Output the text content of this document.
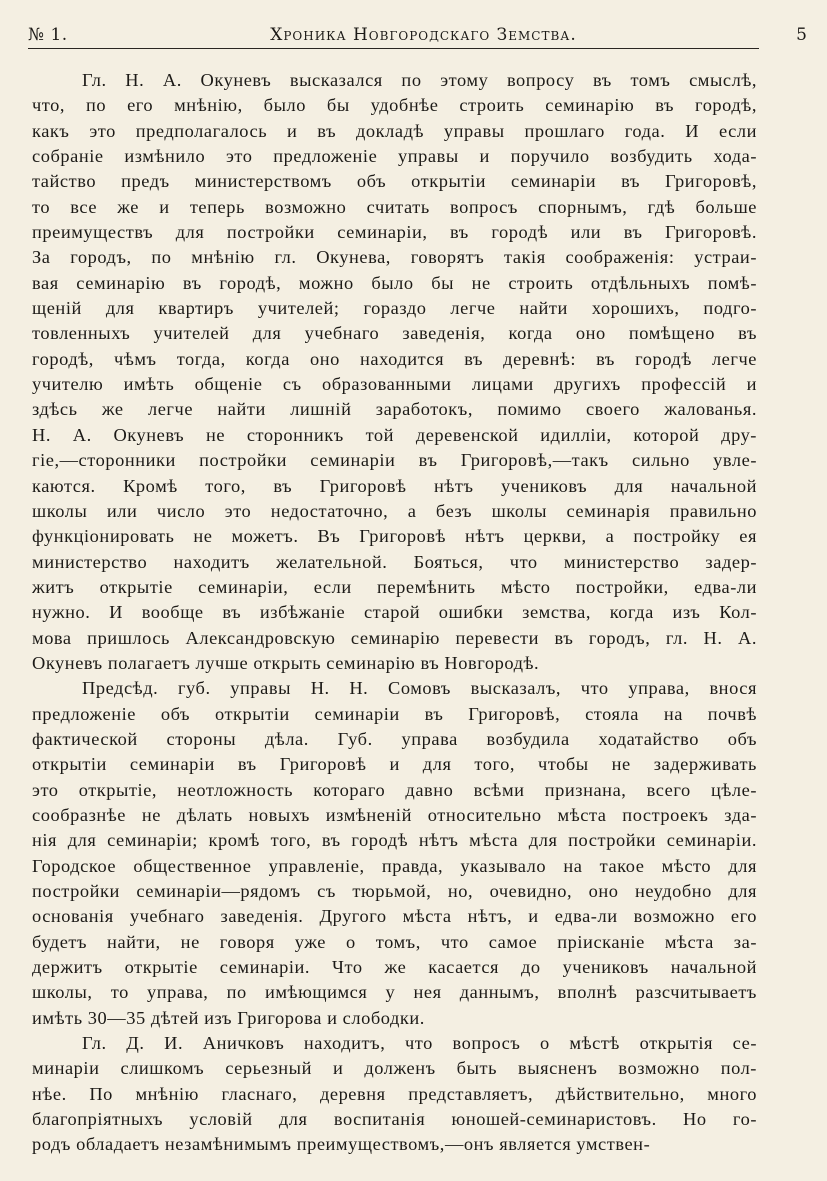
№ 1.	Хроника Новгородскаго Земства.	5
Гл. Н. А. Окуневъ высказался по этому вопросу въ томъ смыслѣ,
что, по его мнѣнію, было бы удобнѣе строить семинарію въ городѣ,
какъ это предполагалось и въ докладѣ управы прошлаго года. И если
собраніе измѣнило это предложеніе управы и поручило возбудить хода-
тайство предъ министерствомъ объ открытіи семинаріи въ Григоровѣ,
то все же и теперь возможно считать вопросъ спорнымъ, гдѣ больше
преимуществъ для постройки семинаріи, въ городѣ или въ Григоровѣ.
За городъ, по мнѣнію гл. Окунева, говорятъ такія соображенія: устраи-
вая семинарію въ городѣ, можно было бы не строить отдѣльныхъ помѣ-
щеній для квартиръ учителей; гораздо легче найти хорошихъ, подго-
товленныхъ учителей для учебнаго заведенія, когда оно помѣщено въ
городѣ, чѣмъ тогда, когда оно находится въ деревнѣ: въ городѣ легче
учителю имѣть общеніе съ образованными лицами другихъ профессій и
здѣсь же легче найти лишній заработокъ, помимо своего жалованья.
Н. А. Окуневъ не сторонникъ той деревенской идилліи, которой дру-
гіе,—сторонники постройки семинаріи въ Григоровѣ,—такъ сильно увле-
каются. Кромѣ того, въ Григоровѣ нѣтъ учениковъ для начальной
школы или число это недостаточно, а безъ школы семинарія правильно
функціонировать не можетъ. Въ Григоровѣ нѣтъ церкви, а постройку ея
министерство находитъ желательной. Бояться, что министерство задер-
житъ открытіе семинаріи, если перемѣнить мѣсто постройки, едва-ли
нужно. И вообще въ избѣжаніе старой ошибки земства, когда изъ Кол-
мова пришлось Александровскую семинарію перевести въ городъ, гл. Н. А.
Окуневъ полагаетъ лучше открыть семинарію въ Новгородѣ.
Предсѣд. губ. управы Н. Н. Сомовъ высказалъ, что управа, внося
предложеніе объ открытіи семинаріи въ Григоровѣ, стояла на почвѣ
фактической стороны дѣла. Губ. управа возбудила ходатайство объ
открытіи семинаріи въ Григоровѣ и для того, чтобы не задерживать
это открытіе, неотложность котораго давно всѣми признана, всего цѣле-
сообразнѣе не дѣлать новыхъ измѣненій относительно мѣста построекъ зда-
нія для семинаріи; кромѣ того, въ городѣ нѣтъ мѣста для постройки семинаріи.
Городское общественное управленіе, правда, указывало на такое мѣсто для
постройки семинаріи—рядомъ съ тюрьмой, но, очевидно, оно неудобно для
основанія учебнаго заведенія. Другого мѣста нѣтъ, и едва-ли возможно его
будетъ найти, не говоря уже о томъ, что самое пріисканіе мѣста за-
держитъ открытіе семинаріи. Что же касается до учениковъ начальной
школы, то управа, по имѣющимся у нея даннымъ, вполнѣ разсчитываетъ
имѣть 30—35 дѣтей изъ Григорова и слободки.
Гл. Д. И. Аничковъ находитъ, что вопросъ о мѣстѣ открытія се-
минаріи слишкомъ серьезный и долженъ быть выясненъ возможно пол-
нѣе. По мнѣнію гласнаго, деревня представляетъ, дѣйствительно, много
благопріятныхъ условій для воспитанія юношей-семинаристовъ. Но го-
родъ обладаетъ незамѣнимымъ преимуществомъ,—онъ является умствен-
